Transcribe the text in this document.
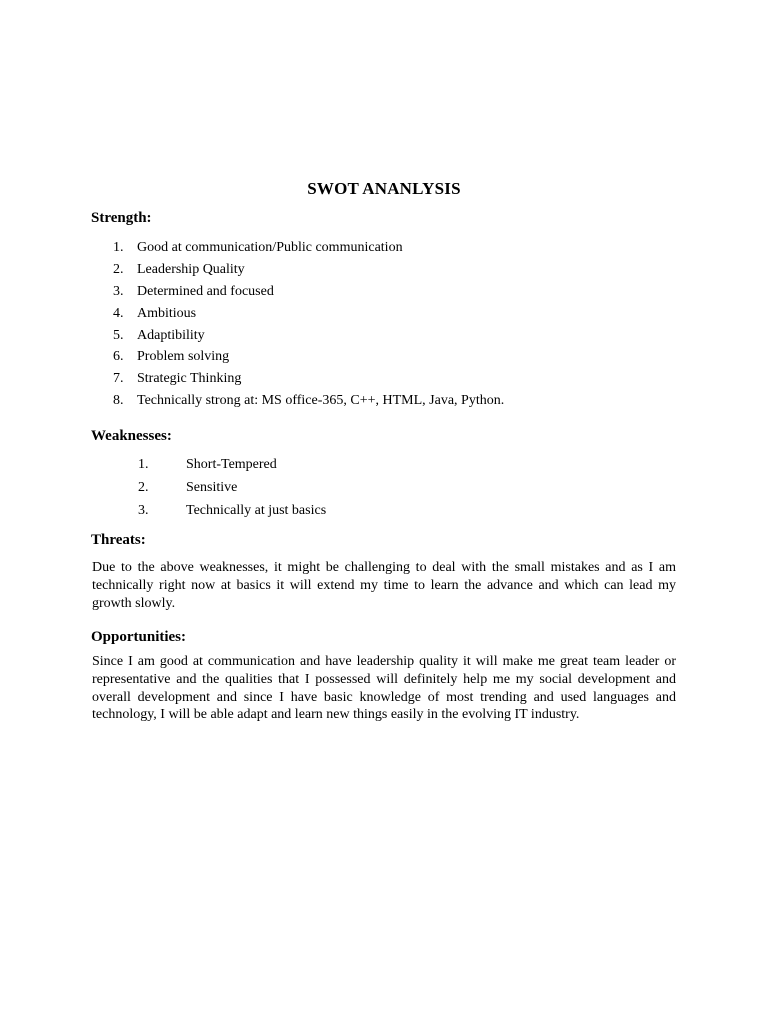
SWOT ANANLYSIS
Strength:
1. Good at communication/Public communication
2. Leadership Quality
3. Determined and focused
4. Ambitious
5. Adaptibility
6. Problem solving
7. Strategic Thinking
8. Technically strong at: MS office-365, C++, HTML, Java, Python.
Weaknesses:
1.	Short-Tempered
2.	Sensitive
3.	Technically at just basics
Threats:

Due to the above weaknesses, it might be challenging to deal with the small mistakes and as I am technically right now at basics it will extend my time to learn the advance and which can lead my growth slowly.

Opportunities:

Since I am good at communication and have leadership quality it will make me great team leader or representative and the qualities that I possessed will definitely help me my social development and overall development and since I have basic knowledge of most trending and used languages and technology, I will be able adapt and learn new things easily in the evolving IT industry.
